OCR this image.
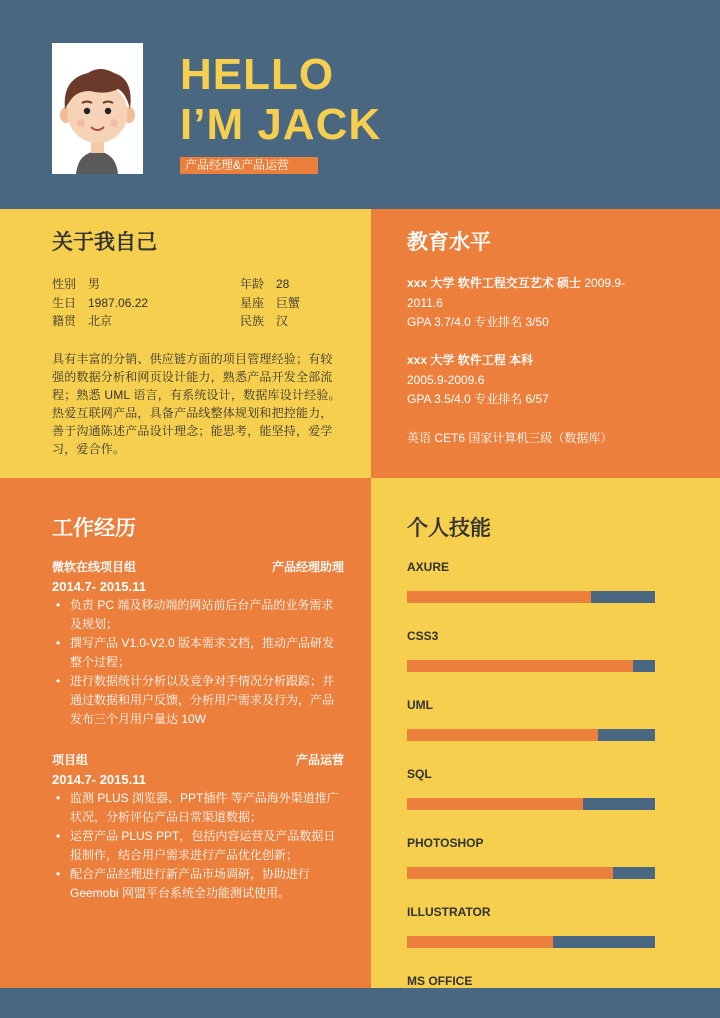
HELLO
I’M JACK
产品经理&产品运营
关于我自己
性别 男	年龄 28
生日 1987.06.22	星座 巨蟹
籍贯 北京	民族 汉
具有丰富的分销、供应链方面的项目管理经验；有较强的数据分析和网页设计能力，熟悉产品开发全部流程；熟悉 UML 语言，有系统设计，数据库设计经验。热爱互联网产品，具备产品线整体规划和把控能力，善于沟通陈述产品设计理念；能思考，能坚持，爱学习，爱合作。
教育水平
xxx 大学 软件工程交互艺术 硕士 2009.9-
2011.6
GPA 3.7/4.0 专业排名 3/50
xxx 大学 软件工程 本科
2005.9-2009.6
GPA 3.5/4.0 专业排名 6/57
英语 CET6 国家计算机三级（数据库）
工作经历
微软在线项目组	产品经理助理
2014.7- 2015.11
• 负责 PC 端及移动端的网站前后台产品的业务需求及规划；
• 撰写产品 V1.0-V2.0 版本需求文档，推动产品研发整个过程；
• 进行数据统计分析以及竞争对手情况分析跟踪；并通过数据和用户反馈，分析用户需求及行为，产品发布三个月用户量达 10W
项目组	产品运营
2014.7- 2015.11
• 监测 PLUS 浏览器、PPT插件 等产品海外渠道推广状况，分析评估产品日常渠道数据；
• 运营产品 PLUS PPT，包括内容运营及产品数据日报制作，结合用户需求进行产品优化创新；
• 配合产品经理进行新产品市场调研，协助进行 Geemobi 网盟平台系统全功能测试使用。
个人技能
AXURE
CSS3
UML
SQL
PHOTOSHOP
ILLUSTRATOR
MS OFFICE
